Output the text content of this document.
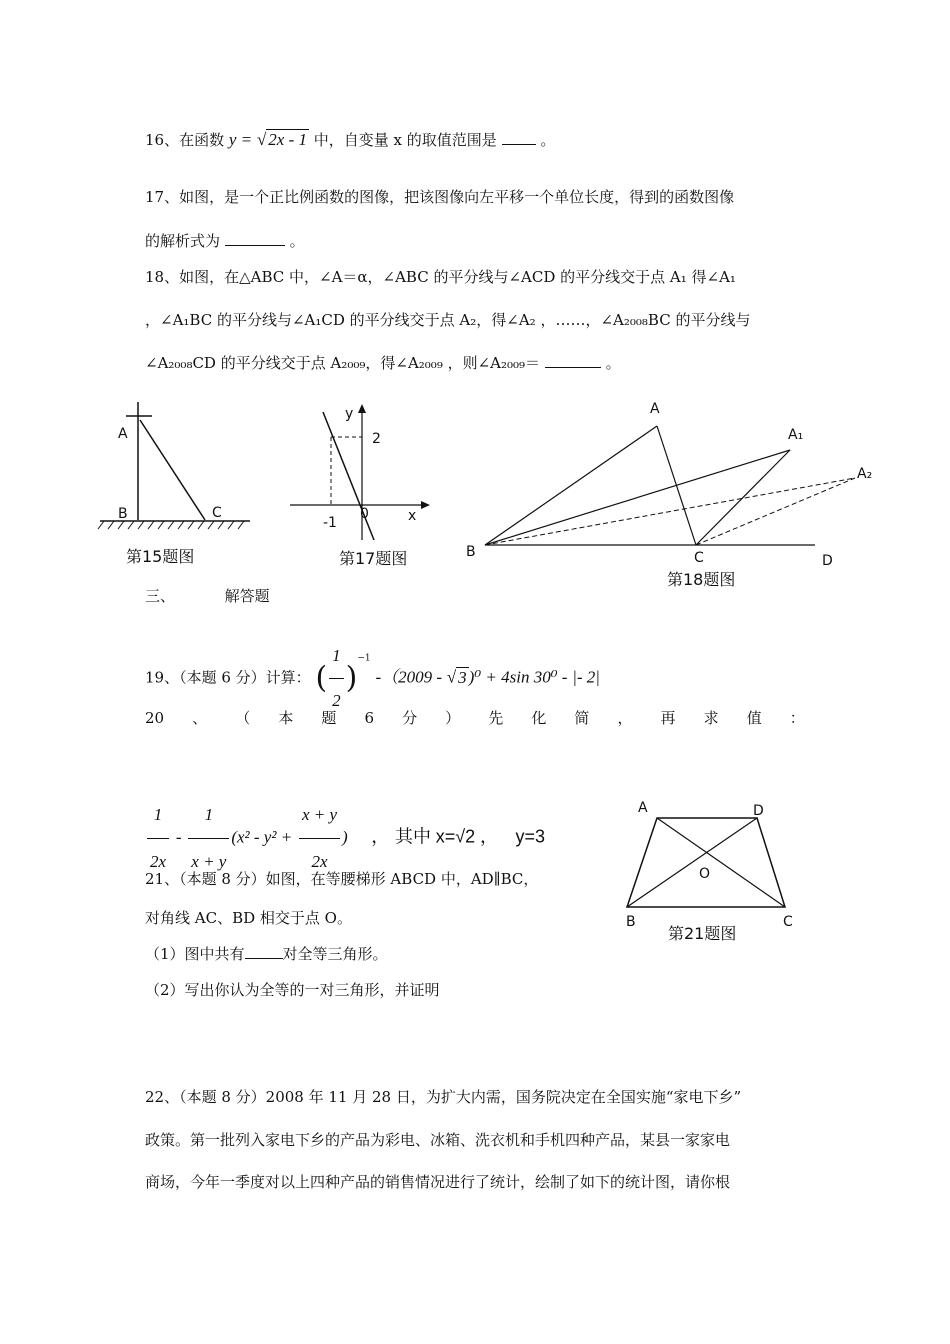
16、在函数 y = √ 2x - 1 中，自变量 x 的取值范围是	。
17、如图，是一个正比例函数的图像，把该图像向左平移一个单位长度，得到的函数图像
的解析式为	。
18、如图，在△ABC 中，∠A＝α，∠ABC 的平分线与∠ACD 的平分线交于点 A₁ 得∠A₁
，∠A₁BC 的平分线与∠A₁CD 的平分线交于点 A₂，得∠A₂ ，……，∠A₂₀₀₈BC 的平分线与
∠A₂₀₀₈CD 的平分线交于点 A₂₀₀₉，得∠A₂₀₀₉ ，则∠A₂₀₀₉＝	。
A
B	C
第15题图
y
2
x
-1
0
第17题图
A
A₁
A₂
B	C	D
第18题图
三、	解答题
19、（本题 6 分）计算： ( $\frac{1}{2} )^{-1}$ -（2009 - √ 3 )⁰ + 4sin 30⁰ - |- 2|
20 、 （ 本 题 6 分 ） 先 化 简 ， 再 求 值 ：
$\frac{1}{2x} - \frac{1}{x + y} (x^2 - y^2 + \frac{x + y}{2x}$ ) ， 其中 x=√2 ， y=3
21、（本题 8 分）如图，在等腰梯形 ABCD 中，AD∥BC，
对角线 AC、BD 相交于点 O。
（1）图中共有	对全等三角形。
（2）写出你认为全等的一对三角形，并证明
A	D
O
B	C
第21题图
22、（本题 8 分）2008 年 11 月 28 日，为扩大内需，国务院决定在全国实施“家电下乡”
政策。第一批列入家电下乡的产品为彩电、冰箱、洗衣机和手机四种产品，某县一家家电
商场，今年一季度对以上四种产品的销售情况进行了统计，绘制了如下的统计图，请你根
